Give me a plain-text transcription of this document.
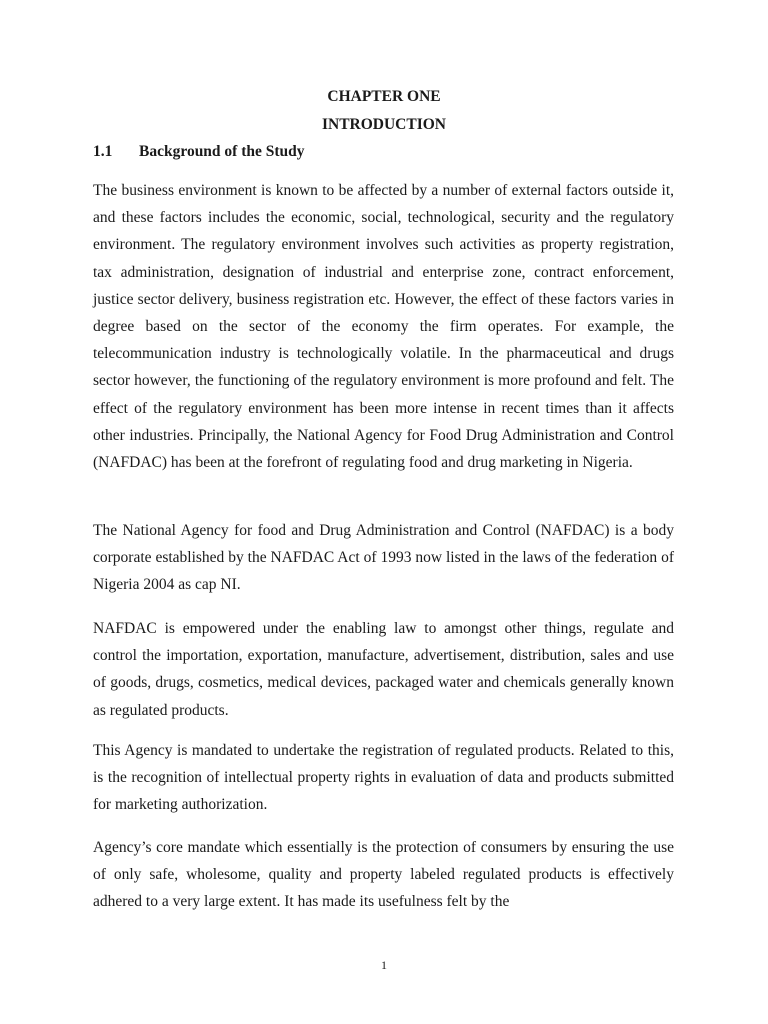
CHAPTER ONE
INTRODUCTION
1.1 Background of the Study

The business environment is known to be affected by a number of external factors outside it, and these factors includes the economic, social, technological, security and the regulatory environment. The regulatory environment involves such activities as property registration, tax administration, designation of industrial and enterprise zone, contract enforcement, justice sector delivery, business registration etc. However, the effect of these factors varies in degree based on the sector of the economy the firm operates. For example, the telecommunication industry is technologically volatile. In the pharmaceutical and drugs sector however, the functioning of the regulatory environment is more profound and felt. The effect of the regulatory environment has been more intense in recent times than it affects other industries. Principally, the National Agency for Food Drug Administration and Control (NAFDAC) has been at the forefront of regulating food and drug marketing in Nigeria.

The National Agency for food and Drug Administration and Control (NAFDAC) is a body corporate established by the NAFDAC Act of 1993 now listed in the laws of the federation of Nigeria 2004 as cap NI.

NAFDAC is empowered under the enabling law to amongst other things, regulate and control the importation, exportation, manufacture, advertisement, distribution, sales and use of goods, drugs, cosmetics, medical devices, packaged water and chemicals generally known as regulated products.

This Agency is mandated to undertake the registration of regulated products. Related to this, is the recognition of intellectual property rights in evaluation of data and products submitted for marketing authorization.

Agency’s core mandate which essentially is the protection of consumers by ensuring the use of only safe, wholesome, quality and property labeled regulated products is effectively adhered to a very large extent. It has made its usefulness felt by the

1
